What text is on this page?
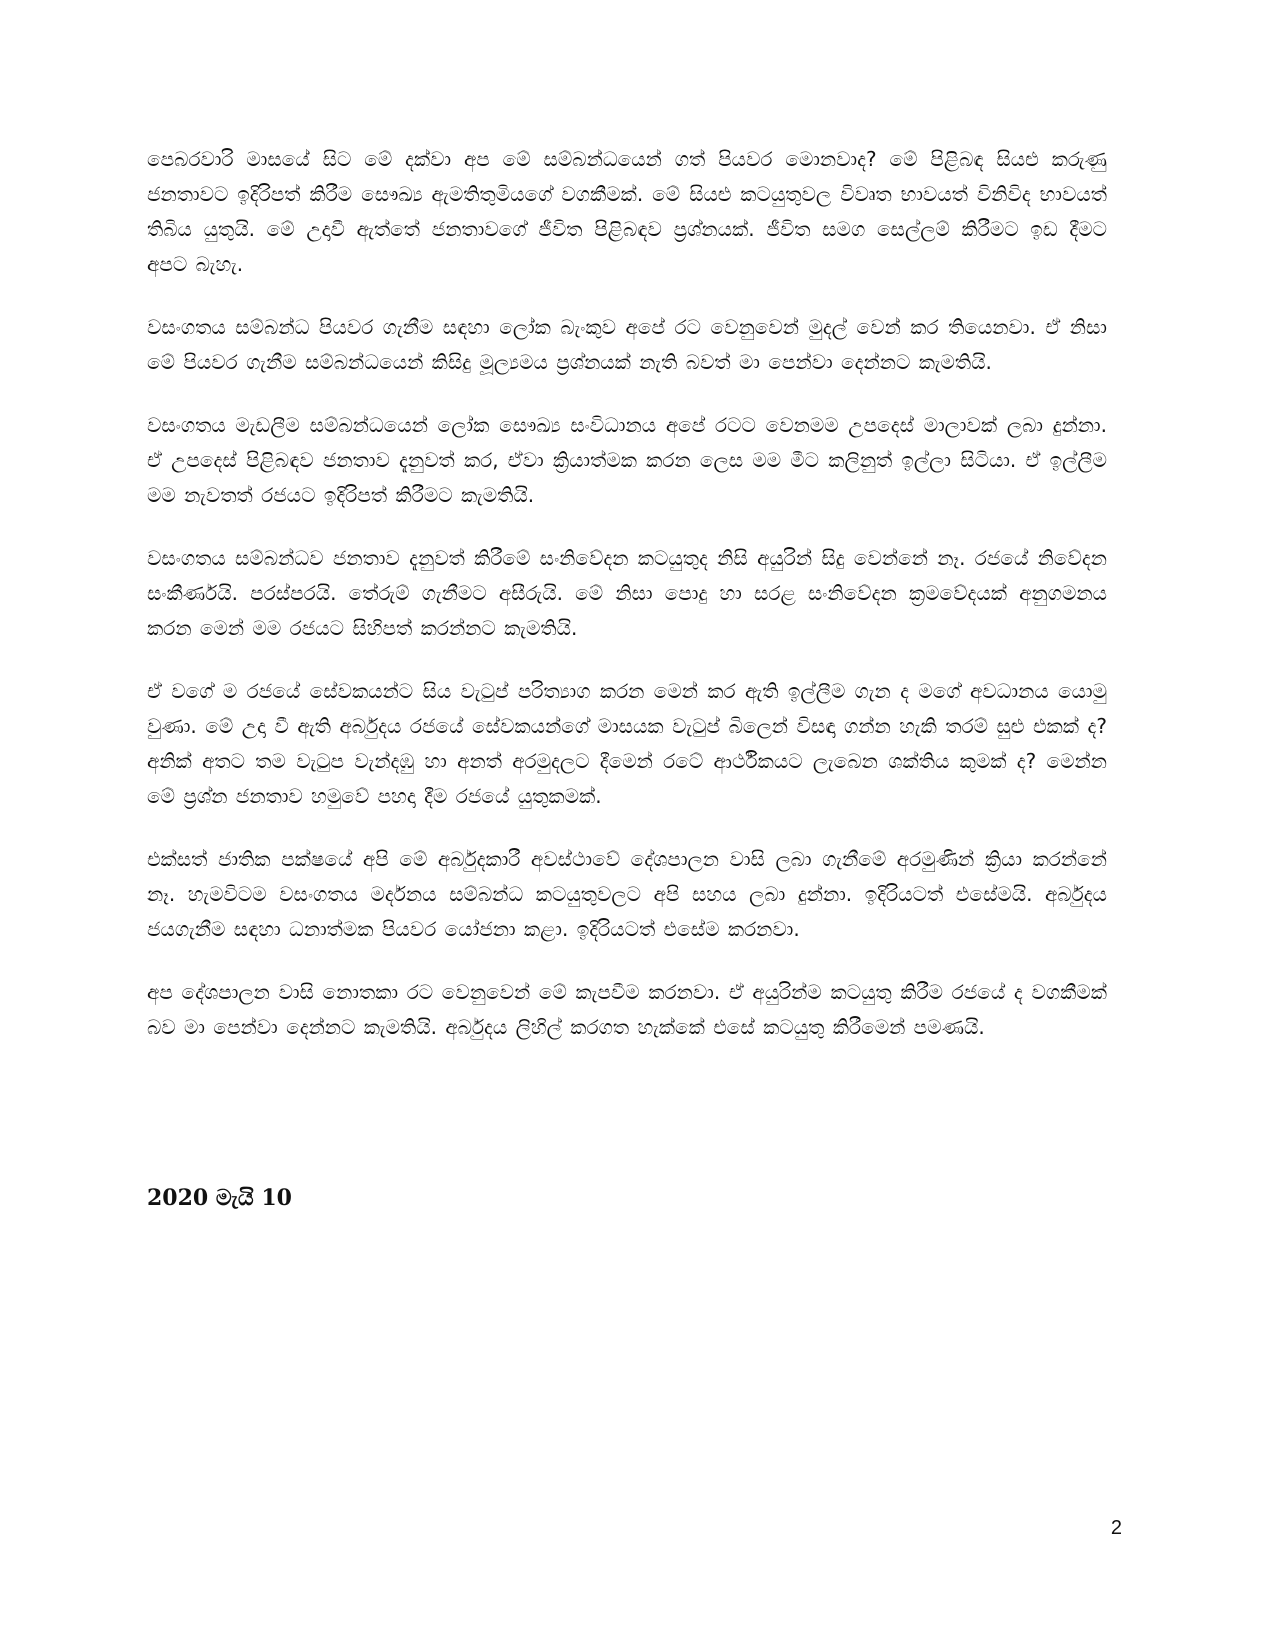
පෙබරවාරි මාසයේ සිට මේ දක්වා අප මේ සම්බන්ධයෙන් ගත් පියවර මොනවාද? මේ පිළිබඳ සියළු කරුණු ජනතාවට ඉදිරිපත් කිරීම සෞඛ්‍ය ඇමතිතුමියගේ වගකීමක්. මේ සියළු කටයුතුවල විවෘත භාවයත් විනිවිද භාවයත් තිබිය යුතුයි. මේ උදාවී ඇත්තේ ජනතාවගේ ජීවිත පිළිබඳව ප්‍රශ්නයක්. ජීවිත සමග සෙල්ලම් කිරීමට ඉඩ දීමට අපට බැහැ.

වසංගතය සම්බන්ධ පියවර ගැනීම සඳහා ලෝක බැංකුව අපේ රට වෙනුවෙන් මුදල් වෙන් කර තියෙනවා. ඒ නිසා මේ පියවර ගැනීම සම්බන්ධයෙන් කිසිදු මූල්‍යමය ප්‍රශ්නයක් නැති බවත් මා පෙන්වා දෙන්නට කැමතියි.

වසංගතය මැඩලීම සම්බන්ධයෙන් ලෝක සෞඛ්‍ය සංවිධානය අපේ රටට වෙනමම උපදෙස් මාලාවක් ලබා දුන්නා. ඒ උපදෙස් පිළිබඳව ජනතාව දැනුවත් කර, ඒවා ක්‍රියාත්මක කරන ලෙස මම මීට කලිනුත් ඉල්ලා සිටියා. ඒ ඉල්ලීම මම නැවතත් රජයට ඉදිරිපත් කිරීමට කැමතියි.

වසංගතය සම්බන්ධව ජනතාව දැනුවත් කිරීමේ සංනිවේදන කටයුතුද නිසි අයුරින් සිදු වෙන්නේ නෑ. රජයේ නිවේදන සංකීර්ණයි. පරස්පරයි. තේරුම් ගැනීමට අසීරුයි. මේ නිසා පොදු හා සරළ සංනිවේදන ක්‍රමවේදයක් අනුගමනය කරන මෙන් මම රජයට සිහිපත් කරන්නට කැමතියි.

ඒ වගේ ම රජයේ සේවකයන්ට සිය වැටුප් පරිත්‍යාග කරන මෙන් කර ඇති ඉල්ලීම ගැන ද මගේ අවධානය යොමු වුණා. මේ උදා වී ඇති අර්බුදය රජයේ සේවකයන්ගේ මාසයක වැටුප් බිලෙන් විසඳා ගන්න හැකි තරම් සුළු එකක් ද? අනික් අතට තම වැටුප වැන්දඹු හා අනත් අරමුදලට දීමෙන් රටේ ආර්ථිකයට ලැබෙන ශක්තිය කුමක් ද? මෙන්න මේ ප්‍රශ්න ජනතාව හමුවේ පහදා දීම රජයේ යුතුකමක්.

එක්සත් ජාතික පක්ෂයේ අපි මේ අර්බුදකාරී අවස්ථාවේ දේශපාලන වාසි ලබා ගැනීමේ අරමුණින් ක්‍රියා කරන්නේ නෑ. හැමවිටම වසංගතය මර්දනය සම්බන්ධ කටයුතුවලට අපි සහය ලබා දුන්නා. ඉදිරියටත් එසේමයි. අර්බුදය ජයගැනීම සඳහා ධනාත්මක පියවර යෝජනා කළා. ඉදිරියටත් එසේම කරනවා.

අප දේශපාලන වාසි නොතකා රට වෙනුවෙන් මේ කැපවීම කරනවා. ඒ අයුරින්ම කටයුතු කිරීම රජයේ ද වගකීමක් බව මා පෙන්වා දෙන්නට කැමතියි. අර්බුදය ලිහිල් කරගත හැක්කේ එසේ කටයුතු කිරීමෙන් පමණයි.

2020 මැයි 10

2
